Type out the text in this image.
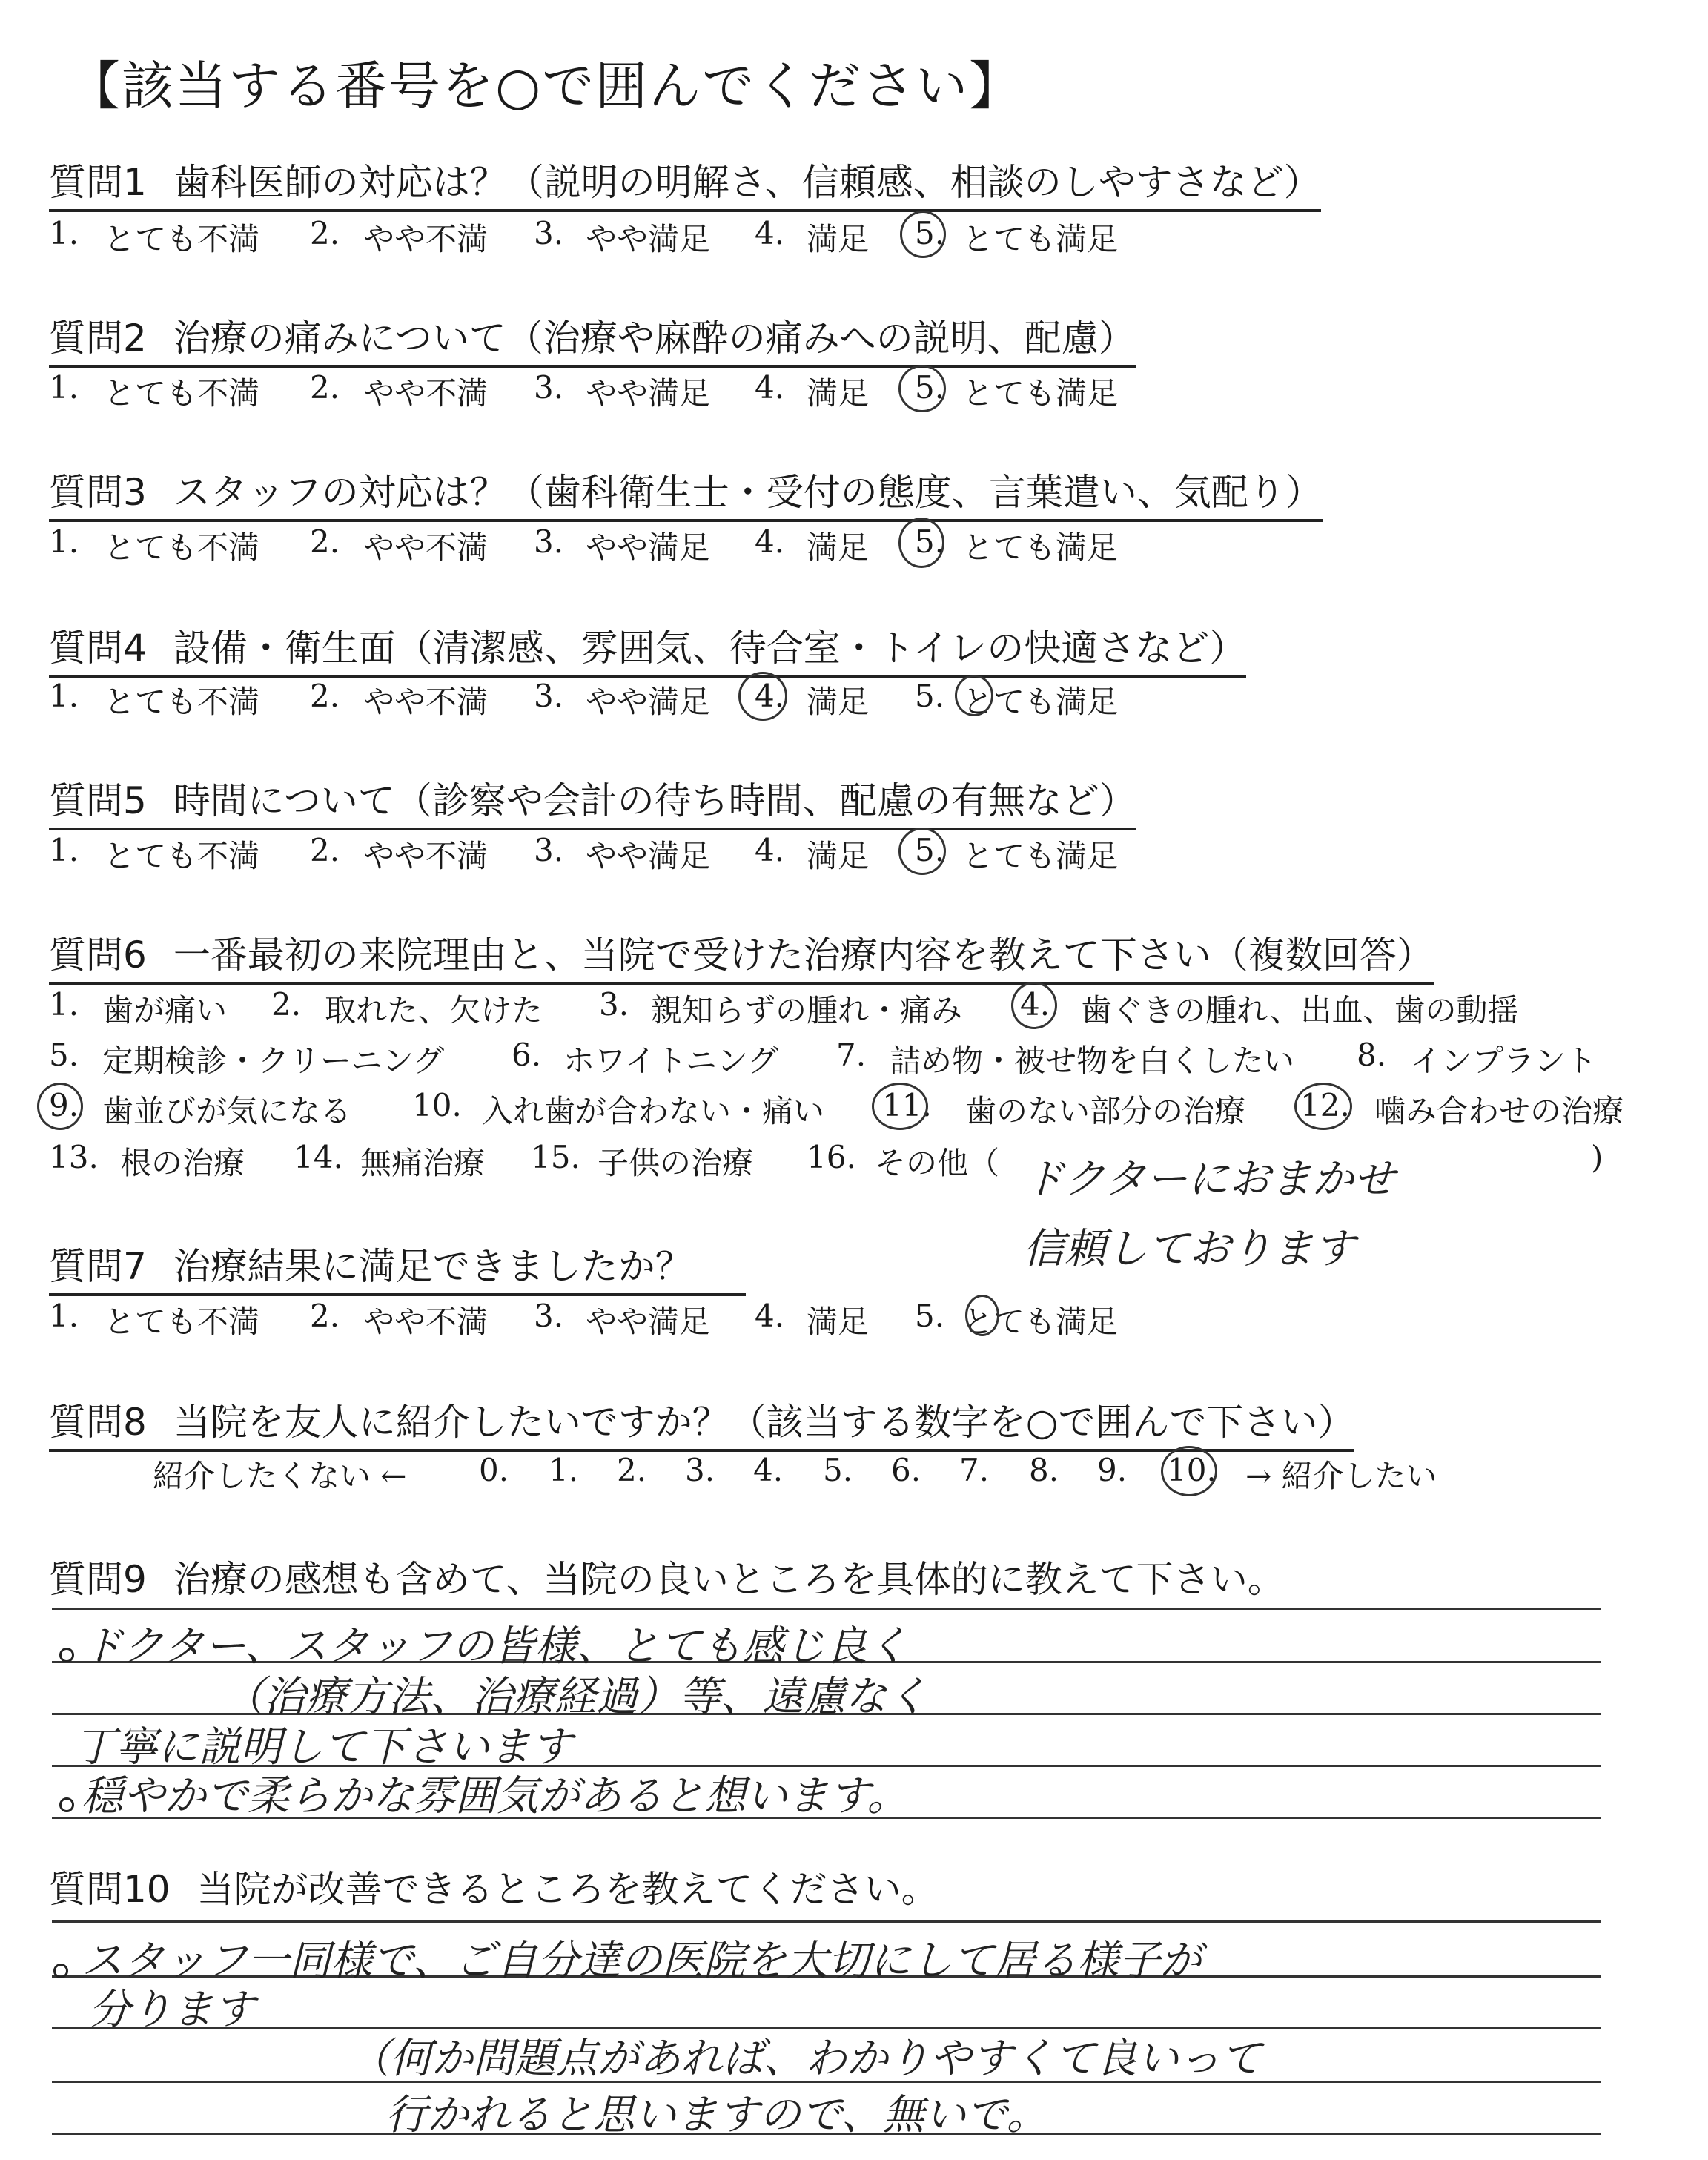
【該当する番号を○で囲んでください】
質問1 歯科医師の対応は？（説明の明解さ、信頼感、相談のしやすさなど）
1. とても不満 2. やや不満 3. やや満足 4. 満足 5. とても満足
質問2 治療の痛みについて（治療や麻酔の痛みへの説明、配慮）
1. とても不満 2. やや不満 3. やや満足 4. 満足 5. とても満足
質問3 スタッフの対応は？（歯科衛生士・受付の態度、言葉遣い、気配り）
1. とても不満 2. やや不満 3. やや満足 4. 満足 5. とても満足
質問4 設備・衛生面（清潔感、雰囲気、待合室・トイレの快適さなど）
1. とても不満 2. やや不満 3. やや満足 4. 満足 5. とても満足
質問5 時間について（診察や会計の待ち時間、配慮の有無など）
1. とても不満 2. やや不満 3. やや満足 4. 満足 5. とても満足
質問6 一番最初の来院理由と、当院で受けた治療内容を教えて下さい（複数回答）
1. 歯が痛い 2. 取れた、欠けた 3. 親知らずの腫れ・痛み 4. 歯ぐきの腫れ、出血、歯の動揺
5. 定期検診・クリーニング 6. ホワイトニング 7. 詰め物・被せ物を白くしたい 8. インプラント
9. 歯並びが気になる 10. 入れ歯が合わない・痛い 11. 歯のない部分の治療 12. 噛み合わせの治療
13. 根の治療 14. 無痛治療 15. 子供の治療 16. その他（	)
ドクターにおまかせ
信頼しております
質問7 治療結果に満足できましたか？
1. とても不満 2. やや不満 3. やや満足 4. 満足 5. とても満足
質問8 当院を友人に紹介したいですか？（該当する数字を○で囲んで下さい）
紹介したくない ← 0. 1. 2. 3. 4. 5. 6. 7. 8. 9. 10. → 紹介したい
質問9 治療の感想も含めて、当院の良いところを具体的に教えて下さい。
ドクター、スタッフの皆様、とても感じ良く
（治療方法、治療経過）等、遠慮なく
丁寧に説明して下さいます
穏やかで柔らかな雰囲気があると想います。
質問10 当院が改善できるところを教えてください。
スタッフ一同様で、ご自分達の医院を大切にして居る様子が
分ります
（何か問題点があれば、わかりやすくて良いって
行かれると思いますので、無いで。
